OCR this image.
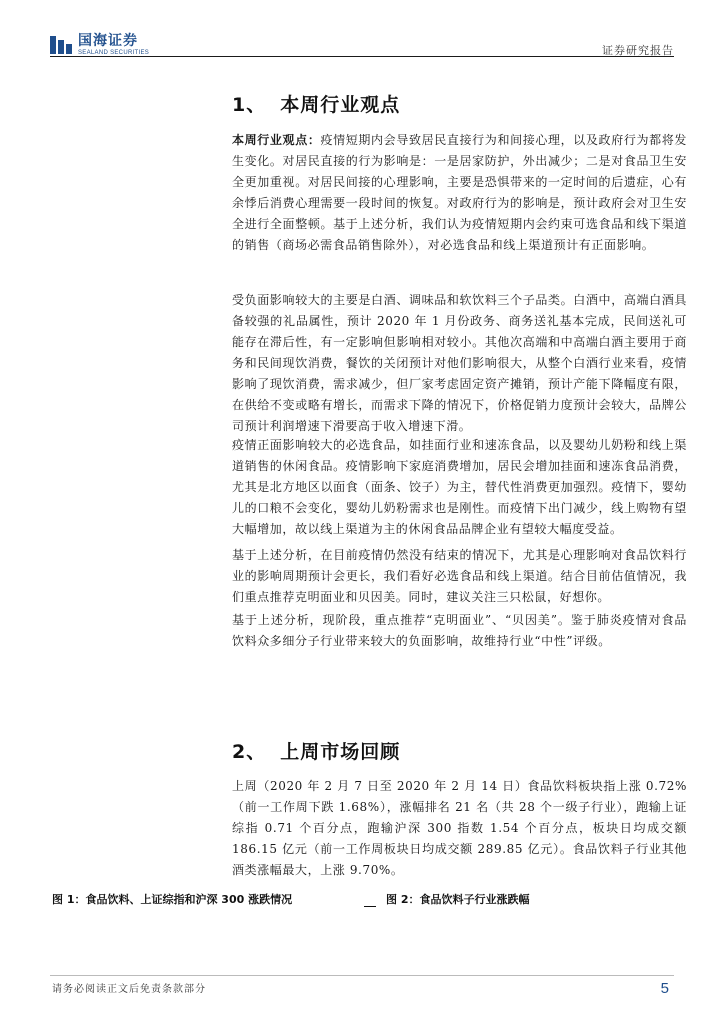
国海证券
SEALAND SECURITIES	证券研究报告
1、 本周行业观点

本周行业观点：疫情短期内会导致居民直接行为和间接心理，以及政府行为都将发生变化。对居民直接的行为影响是：一是居家防护，外出减少；二是对食品卫生安全更加重视。对居民间接的心理影响，主要是恐惧带来的一定时间的后遗症，心有余悸后消费心理需要一段时间的恢复。对政府行为的影响是，预计政府会对卫生安全进行全面整顿。基于上述分析，我们认为疫情短期内会约束可选食品和线下渠道的销售（商场必需食品销售除外），对必选食品和线上渠道预计有正面影响。

受负面影响较大的主要是白酒、调味品和软饮料三个子品类。白酒中，高端白酒具备较强的礼品属性，预计 2020 年 1 月份政务、商务送礼基本完成，民间送礼可能存在滞后性，有一定影响但影响相对较小。其他次高端和中高端白酒主要用于商务和民间现饮消费，餐饮的关闭预计对他们影响很大，从整个白酒行业来看，疫情影响了现饮消费，需求减少，但厂家考虑固定资产摊销，预计产能下降幅度有限，在供给不变或略有增长，而需求下降的情况下，价格促销力度预计会较大，品牌公司预计利润增速下滑要高于收入增速下滑。

疫情正面影响较大的必选食品，如挂面行业和速冻食品，以及婴幼儿奶粉和线上渠道销售的休闲食品。疫情影响下家庭消费增加，居民会增加挂面和速冻食品消费，尤其是北方地区以面食（面条、饺子）为主，替代性消费更加强烈。疫情下，婴幼儿的口粮不会变化，婴幼儿奶粉需求也是刚性。而疫情下出门减少，线上购物有望大幅增加，故以线上渠道为主的休闲食品品牌企业有望较大幅度受益。

基于上述分析，在目前疫情仍然没有结束的情况下，尤其是心理影响对食品饮料行业的影响周期预计会更长，我们看好必选食品和线上渠道。结合目前估值情况，我们重点推荐克明面业和贝因美。同时，建议关注三只松鼠，好想你。

基于上述分析，现阶段，重点推荐“克明面业”、“贝因美”。鉴于肺炎疫情对食品饮料众多细分子行业带来较大的负面影响，故维持行业“中性”评级。

2、 上周市场回顾

上周（2020 年 2 月 7 日至 2020 年 2 月 14 日）食品饮料板块指上涨 0.72%（前一工作周下跌 1.68%），涨幅排名 21 名（共 28 个一级子行业），跑输上证综指 0.71 个百分点，跑输沪深 300 指数 1.54 个百分点，板块日均成交额 186.15 亿元（前一工作周板块日均成交额 289.85 亿元）。食品饮料子行业其他酒类涨幅最大，上涨 9.70%。

图 1：食品饮料、上证综指和沪深 300 涨跌情况	图 2：食品饮料子行业涨跌幅
请务必阅读正文后免责条款部分	5
